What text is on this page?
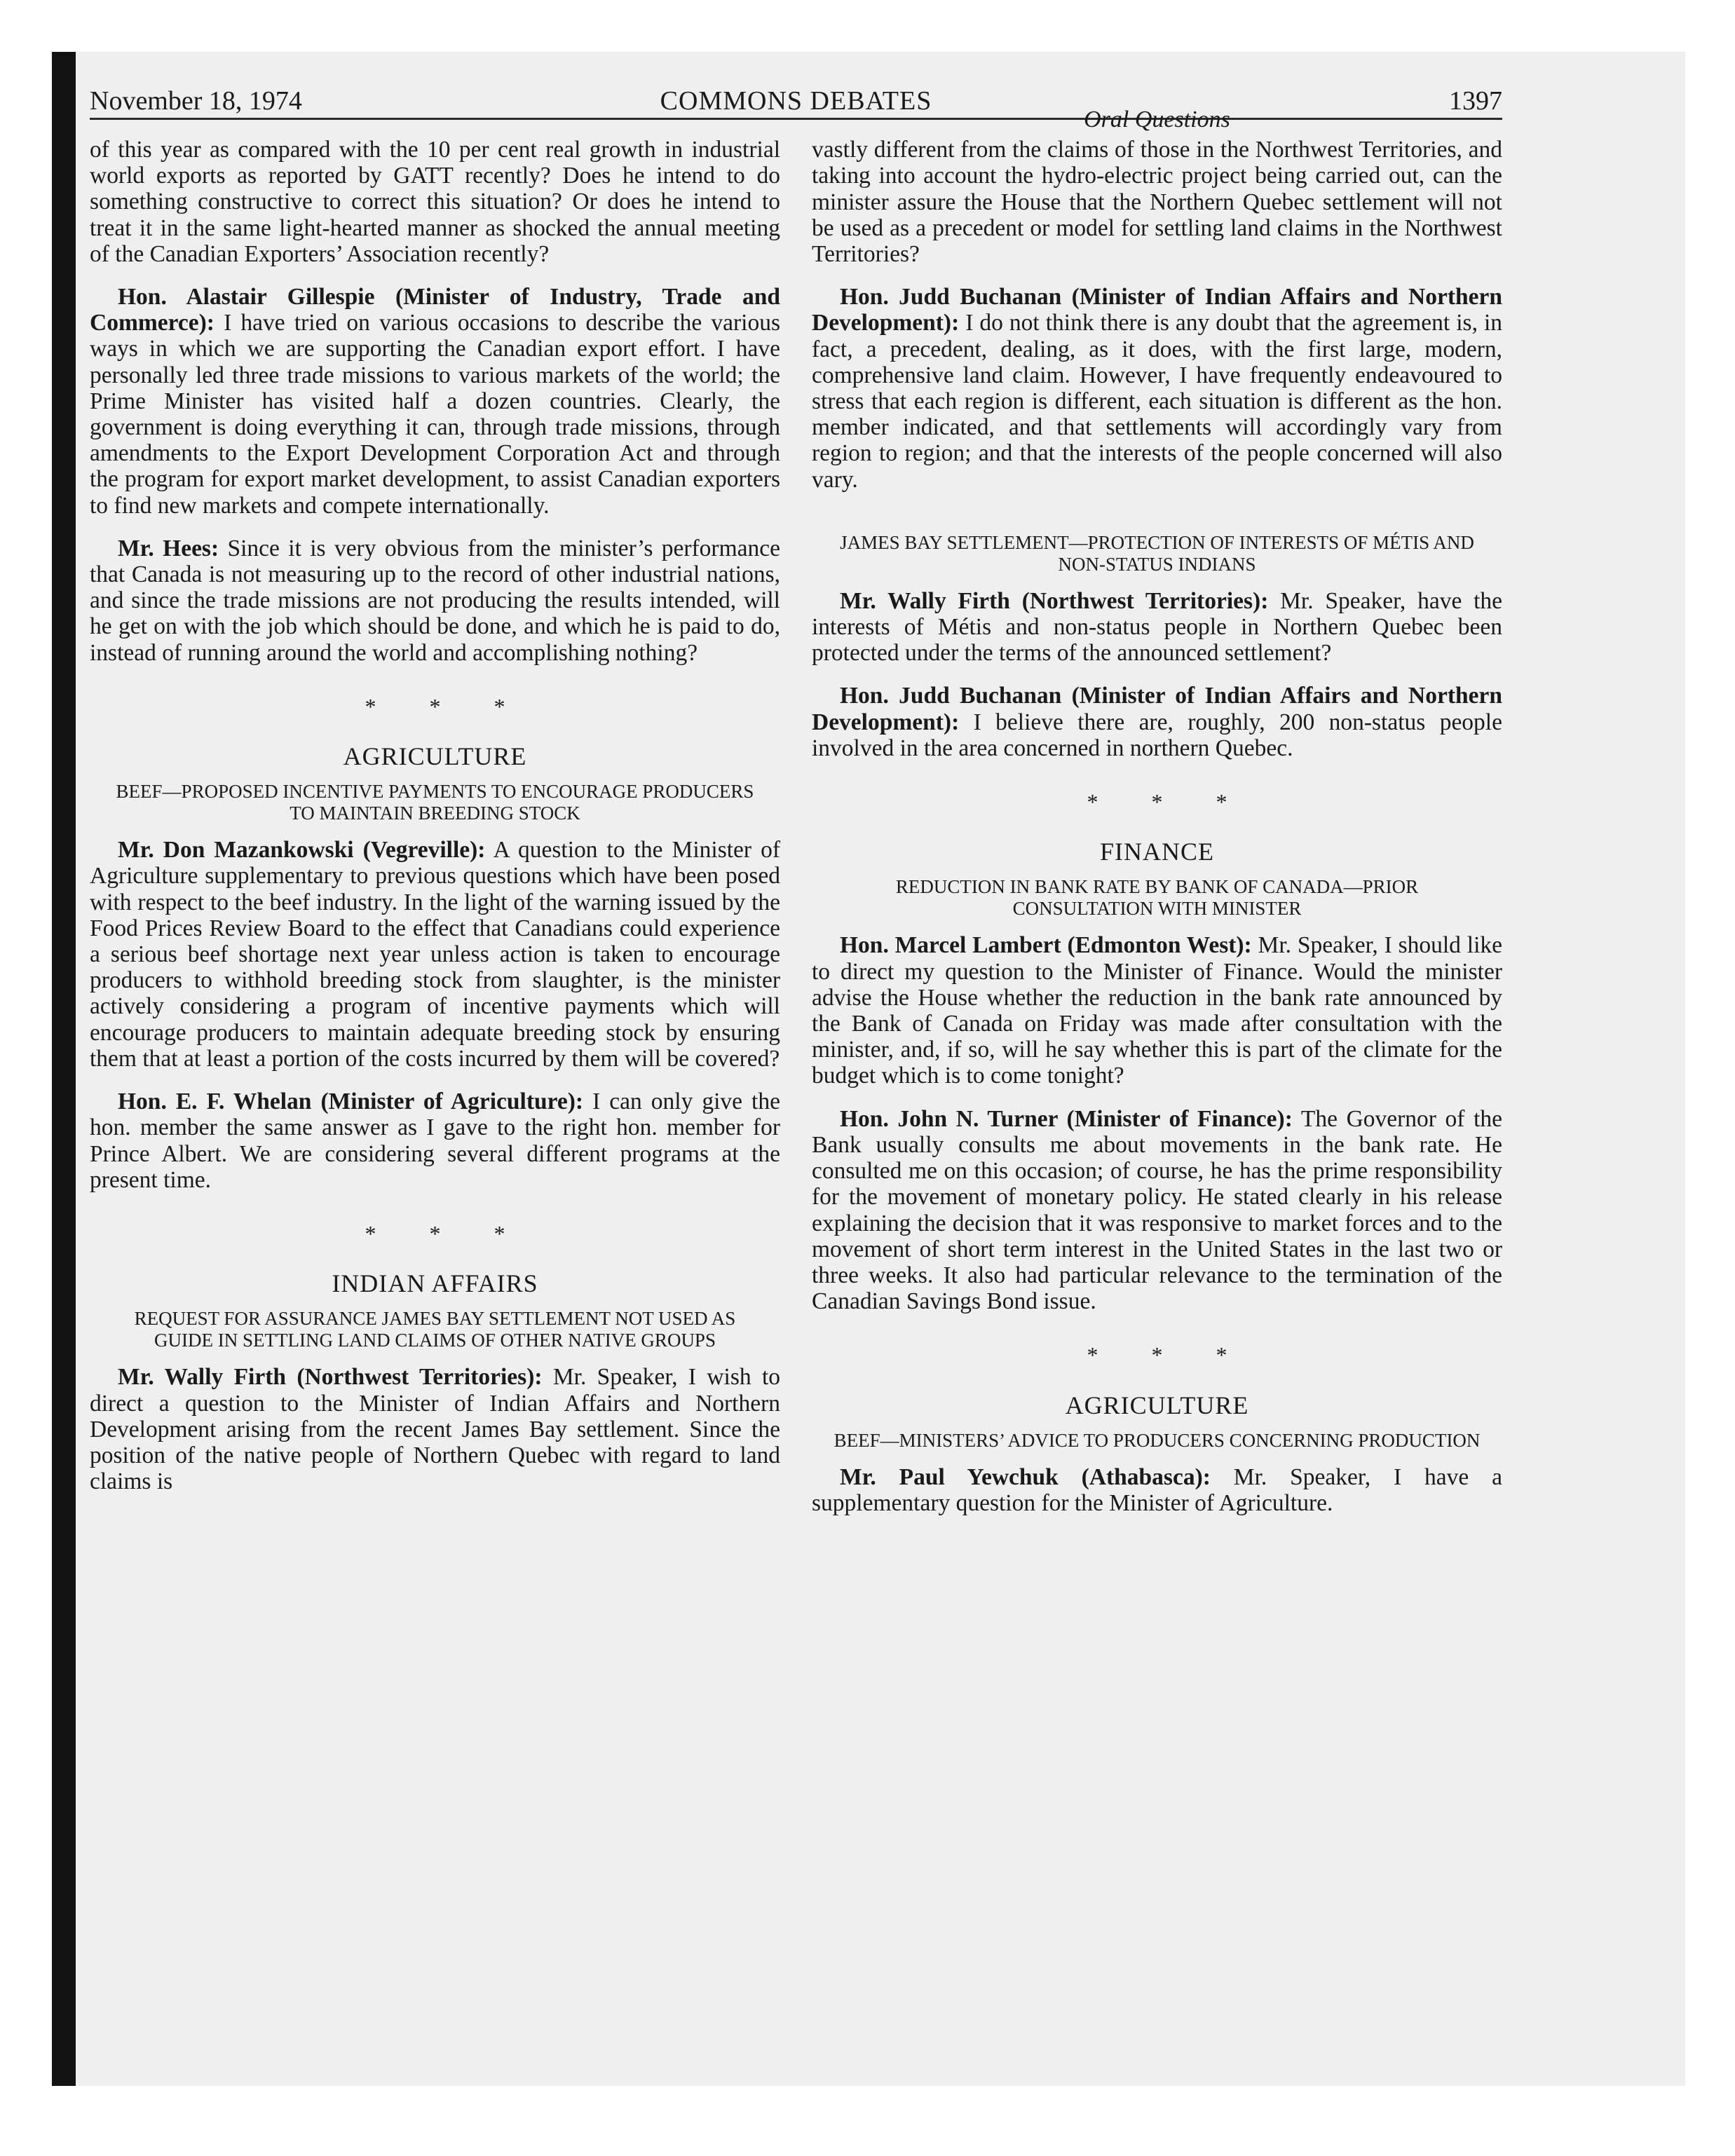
COMMONS DEBATES
November 18, 1974	1397

of this year as compared with the 10 per cent real growth in industrial world exports as reported by GATT recently? Does he intend to do something constructive to correct this situation? Or does he intend to treat it in the same light-hearted manner as shocked the annual meeting of the Canadian Exporters’ Association recently?

Hon. Alastair Gillespie (Minister of Industry, Trade and Commerce): I have tried on various occasions to describe the various ways in which we are supporting the Canadian export effort. I have personally led three trade missions to various markets of the world; the Prime Minister has visited half a dozen countries. Clearly, the government is doing everything it can, through trade missions, through amendments to the Export Development Corporation Act and through the program for export market development, to assist Canadian exporters to find new markets and compete internationally.

Mr. Hees: Since it is very obvious from the minister’s performance that Canada is not measuring up to the record of other industrial nations, and since the trade missions are not producing the results intended, will he get on with the job which should be done, and which he is paid to do, instead of running around the world and accomplishing nothing?

* * *
AGRICULTURE
BEEF—PROPOSED INCENTIVE PAYMENTS TO ENCOURAGE PRODUCERS TO MAINTAIN BREEDING STOCK

Mr. Don Mazankowski (Vegreville): A question to the Minister of Agriculture supplementary to previous questions which have been posed with respect to the beef industry. In the light of the warning issued by the Food Prices Review Board to the effect that Canadians could experience a serious beef shortage next year unless action is taken to encourage producers to withhold breeding stock from slaughter, is the minister actively considering a program of incentive payments which will encourage producers to maintain adequate breeding stock by ensuring them that at least a portion of the costs incurred by them will be covered?

Hon. E. F. Whelan (Minister of Agriculture): I can only give the hon. member the same answer as I gave to the right hon. member for Prince Albert. We are considering several different programs at the present time.

* * *
INDIAN AFFAIRS
REQUEST FOR ASSURANCE JAMES BAY SETTLEMENT NOT USED AS GUIDE IN SETTLING LAND CLAIMS OF OTHER NATIVE GROUPS

Mr. Wally Firth (Northwest Territories): Mr. Speaker, I wish to direct a question to the Minister of Indian Affairs and Northern Development arising from the recent James Bay settlement. Since the position of the native people of Northern Quebec with regard to land claims is

Oral Questions

vastly different from the claims of those in the Northwest Territories, and taking into account the hydro-electric project being carried out, can the minister assure the House that the Northern Quebec settlement will not be used as a precedent or model for settling land claims in the Northwest Territories?

Hon. Judd Buchanan (Minister of Indian Affairs and Northern Development): I do not think there is any doubt that the agreement is, in fact, a precedent, dealing, as it does, with the first large, modern, comprehensive land claim. However, I have frequently endeavoured to stress that each region is different, each situation is different as the hon. member indicated, and that settlements will accordingly vary from region to region; and that the interests of the people concerned will also vary.

JAMES BAY SETTLEMENT—PROTECTION OF INTERESTS OF MÉTIS AND NON-STATUS INDIANS

Mr. Wally Firth (Northwest Territories): Mr. Speaker, have the interests of Métis and non-status people in Northern Quebec been protected under the terms of the announced settlement?

Hon. Judd Buchanan (Minister of Indian Affairs and Northern Development): I believe there are, roughly, 200 non-status people involved in the area concerned in northern Quebec.

* * *
FINANCE
REDUCTION IN BANK RATE BY BANK OF CANADA—PRIOR CONSULTATION WITH MINISTER

Hon. Marcel Lambert (Edmonton West): Mr. Speaker, I should like to direct my question to the Minister of Finance. Would the minister advise the House whether the reduction in the bank rate announced by the Bank of Canada on Friday was made after consultation with the minister, and, if so, will he say whether this is part of the climate for the budget which is to come tonight?

Hon. John N. Turner (Minister of Finance): The Governor of the Bank usually consults me about movements in the bank rate. He consulted me on this occasion; of course, he has the prime responsibility for the movement of monetary policy. He stated clearly in his release explaining the decision that it was responsive to market forces and to the movement of short term interest in the United States in the last two or three weeks. It also had particular relevance to the termination of the Canadian Savings Bond issue.

* * *
AGRICULTURE
BEEF—MINISTERS’ ADVICE TO PRODUCERS CONCERNING PRODUCTION

Mr. Paul Yewchuk (Athabasca): Mr. Speaker, I have a supplementary question for the Minister of Agriculture.
